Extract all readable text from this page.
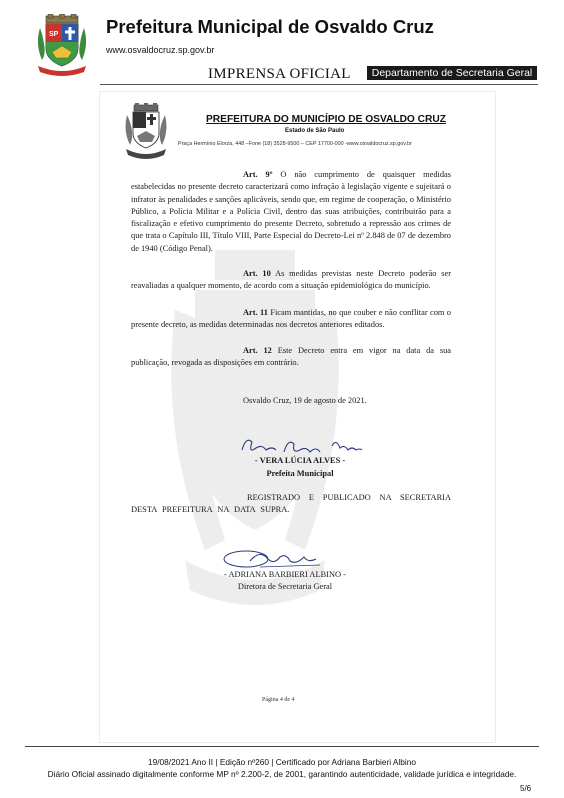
SP	Prefeitura Municipal de Osvaldo Cruz
www.osvaldocruz.sp.gov.br
IMPRENSA OFICIAL	Departamento de Secretaria Geral
PREFEITURA DO MUNICÍPIO DE OSVALDO CRUZ
Estado de São Paulo
Praça Hermínio Elorza, 448 –Fone (18) 3528-9500 – CEP 17700-000 -www.osvaldocruz.sp.gov.br
Art. 9º O não cumprimento de quaisquer medidas estabelecidas no presente decreto caracterizará como infração à legislação vigente e sujeitará o infrator às penalidades e sanções aplicáveis, sendo que, em regime de cooperação, o Ministério Público, a Polícia Militar e a Polícia Civil, dentro das suas atribuições, contribuirão para a fiscalização e efetivo cumprimento do presente Decreto, sobretudo a repressão aos crimes de que trata o Capítulo III, Título VIII, Parte Especial do Decreto-Lei nº 2.848 de 07 de dezembro de 1940 (Código Penal).
Art. 10 As medidas previstas neste Decreto poderão ser reavaliadas a qualquer momento, de acordo com a situação epidemiológica do município.
Art. 11 Ficam mantidas, no que couber e não conflitar com o presente decreto, as medidas determinadas nos decretos anteriores editados.
Art. 12 Este Decreto entra em vigor na data da sua publicação, revogada as disposições em contrário.
Osvaldo Cruz, 19 de agosto de 2021.
- VERA LÚCIA ALVES -
Prefeita Municipal
REGISTRADO E PUBLICADO NA SECRETARIA DESTA PREFEITURA NA DATA SUPRA.
- ADRIANA BARBIERI ALBINO -
Diretora de Secretaria Geral
Página 4 de 4
19/08/2021 Ano II | Edição nº260 | Certificado por Adriana Barbieri Albino
Diário Oficial assinado digitalmente conforme MP nº 2.200-2, de 2001, garantindo autenticidade, validade jurídica e integridade.
5/6
